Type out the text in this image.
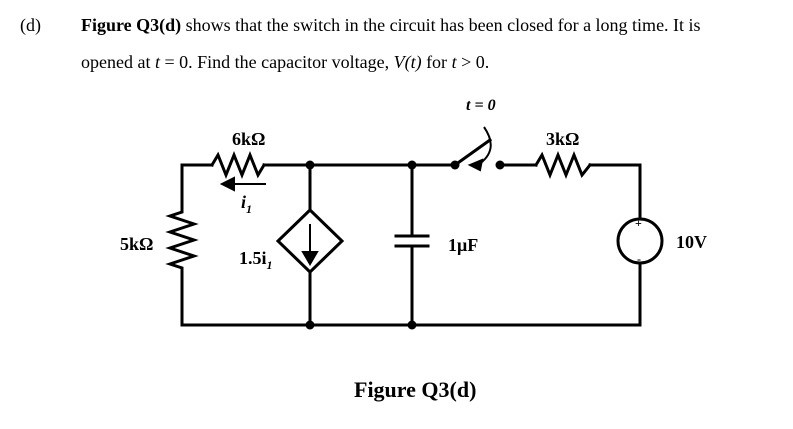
(d) Figure Q3(d) shows that the switch in the circuit has been closed for a long time. It is
opened at t = 0. Find the capacitor voltage, V(t) for t > 0.
6kΩ
5kΩ
3kΩ
1μF	10V
$i_1$
$1.5i_1$
t = 0
+
-
Figure Q3(d)
